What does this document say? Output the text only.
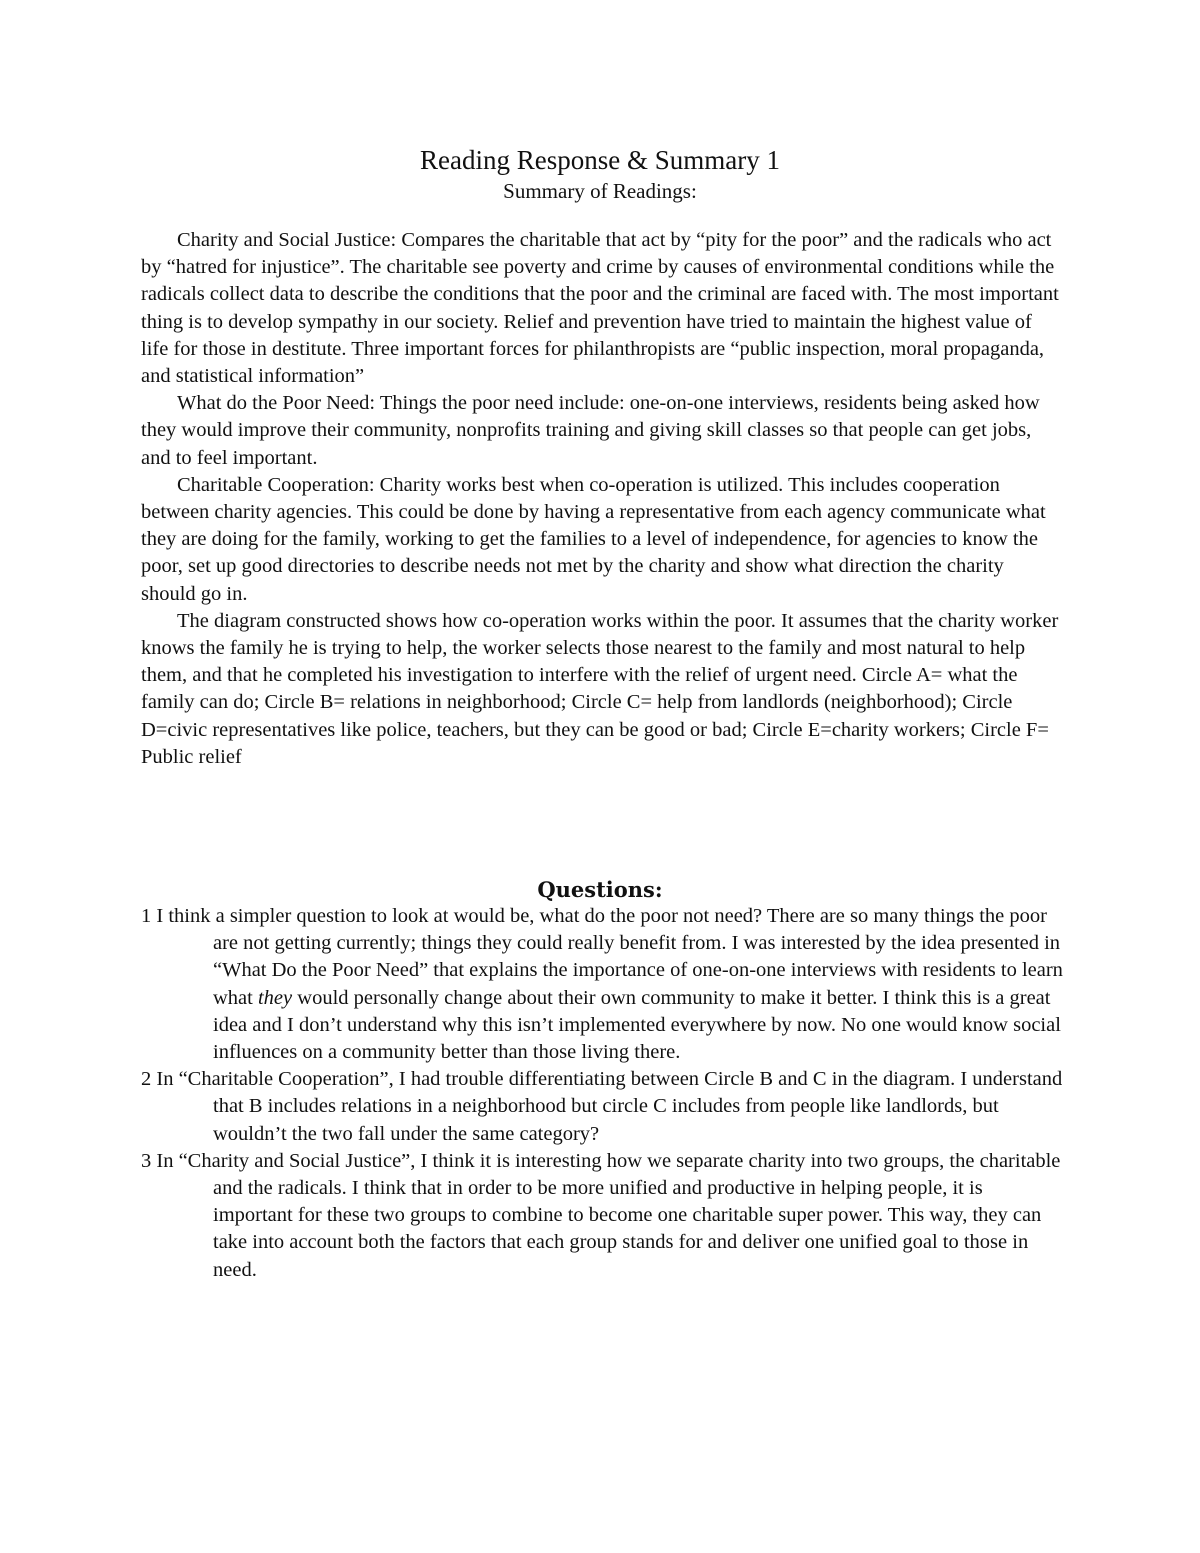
Reading Response & Summary 1
Summary of Readings:

Charity and Social Justice: Compares the charitable that act by “pity for the poor” and the radicals who act by “hatred for injustice”. The charitable see poverty and crime by causes of environmental conditions while the radicals collect data to describe the conditions that the poor and the criminal are faced with. The most important thing is to develop sympathy in our society. Relief and prevention have tried to maintain the highest value of life for those in destitute. Three important forces for philanthropists are “public inspection, moral propaganda, and statistical information”

What do the Poor Need: Things the poor need include: one-on-one interviews, residents being asked how they would improve their community, nonprofits training and giving skill classes so that people can get jobs, and to feel important.

Charitable Cooperation: Charity works best when co-operation is utilized. This includes cooperation between charity agencies. This could be done by having a representative from each agency communicate what they are doing for the family, working to get the families to a level of independence, for agencies to know the poor, set up good directories to describe needs not met by the charity and show what direction the charity should go in.

The diagram constructed shows how co-operation works within the poor. It assumes that the charity worker knows the family he is trying to help, the worker selects those nearest to the family and most natural to help them, and that he completed his investigation to interfere with the relief of urgent need. Circle A= what the family can do; Circle B= relations in neighborhood; Circle C= help from landlords (neighborhood); Circle D=civic representatives like police, teachers, but they can be good or bad; Circle E=charity workers; Circle F= Public relief

Questions:
1 I think a simpler question to look at would be, what do the poor not need? There are so many things the poor are not getting currently; things they could really benefit from. I was interested by the idea presented in “What Do the Poor Need” that explains the importance of one-on-one interviews with residents to learn what they would personally change about their own community to make it better. I think this is a great idea and I don’t understand why this isn’t implemented everywhere by now. No one would know social influences on a community better than those living there.
2 In “Charitable Cooperation”, I had trouble differentiating between Circle B and C in the diagram. I understand that B includes relations in a neighborhood but circle C includes from people like landlords, but wouldn’t the two fall under the same category?
3 In “Charity and Social Justice”, I think it is interesting how we separate charity into two groups, the charitable and the radicals. I think that in order to be more unified and productive in helping people, it is important for these two groups to combine to become one charitable super power. This way, they can take into account both the factors that each group stands for and deliver one unified goal to those in need.
